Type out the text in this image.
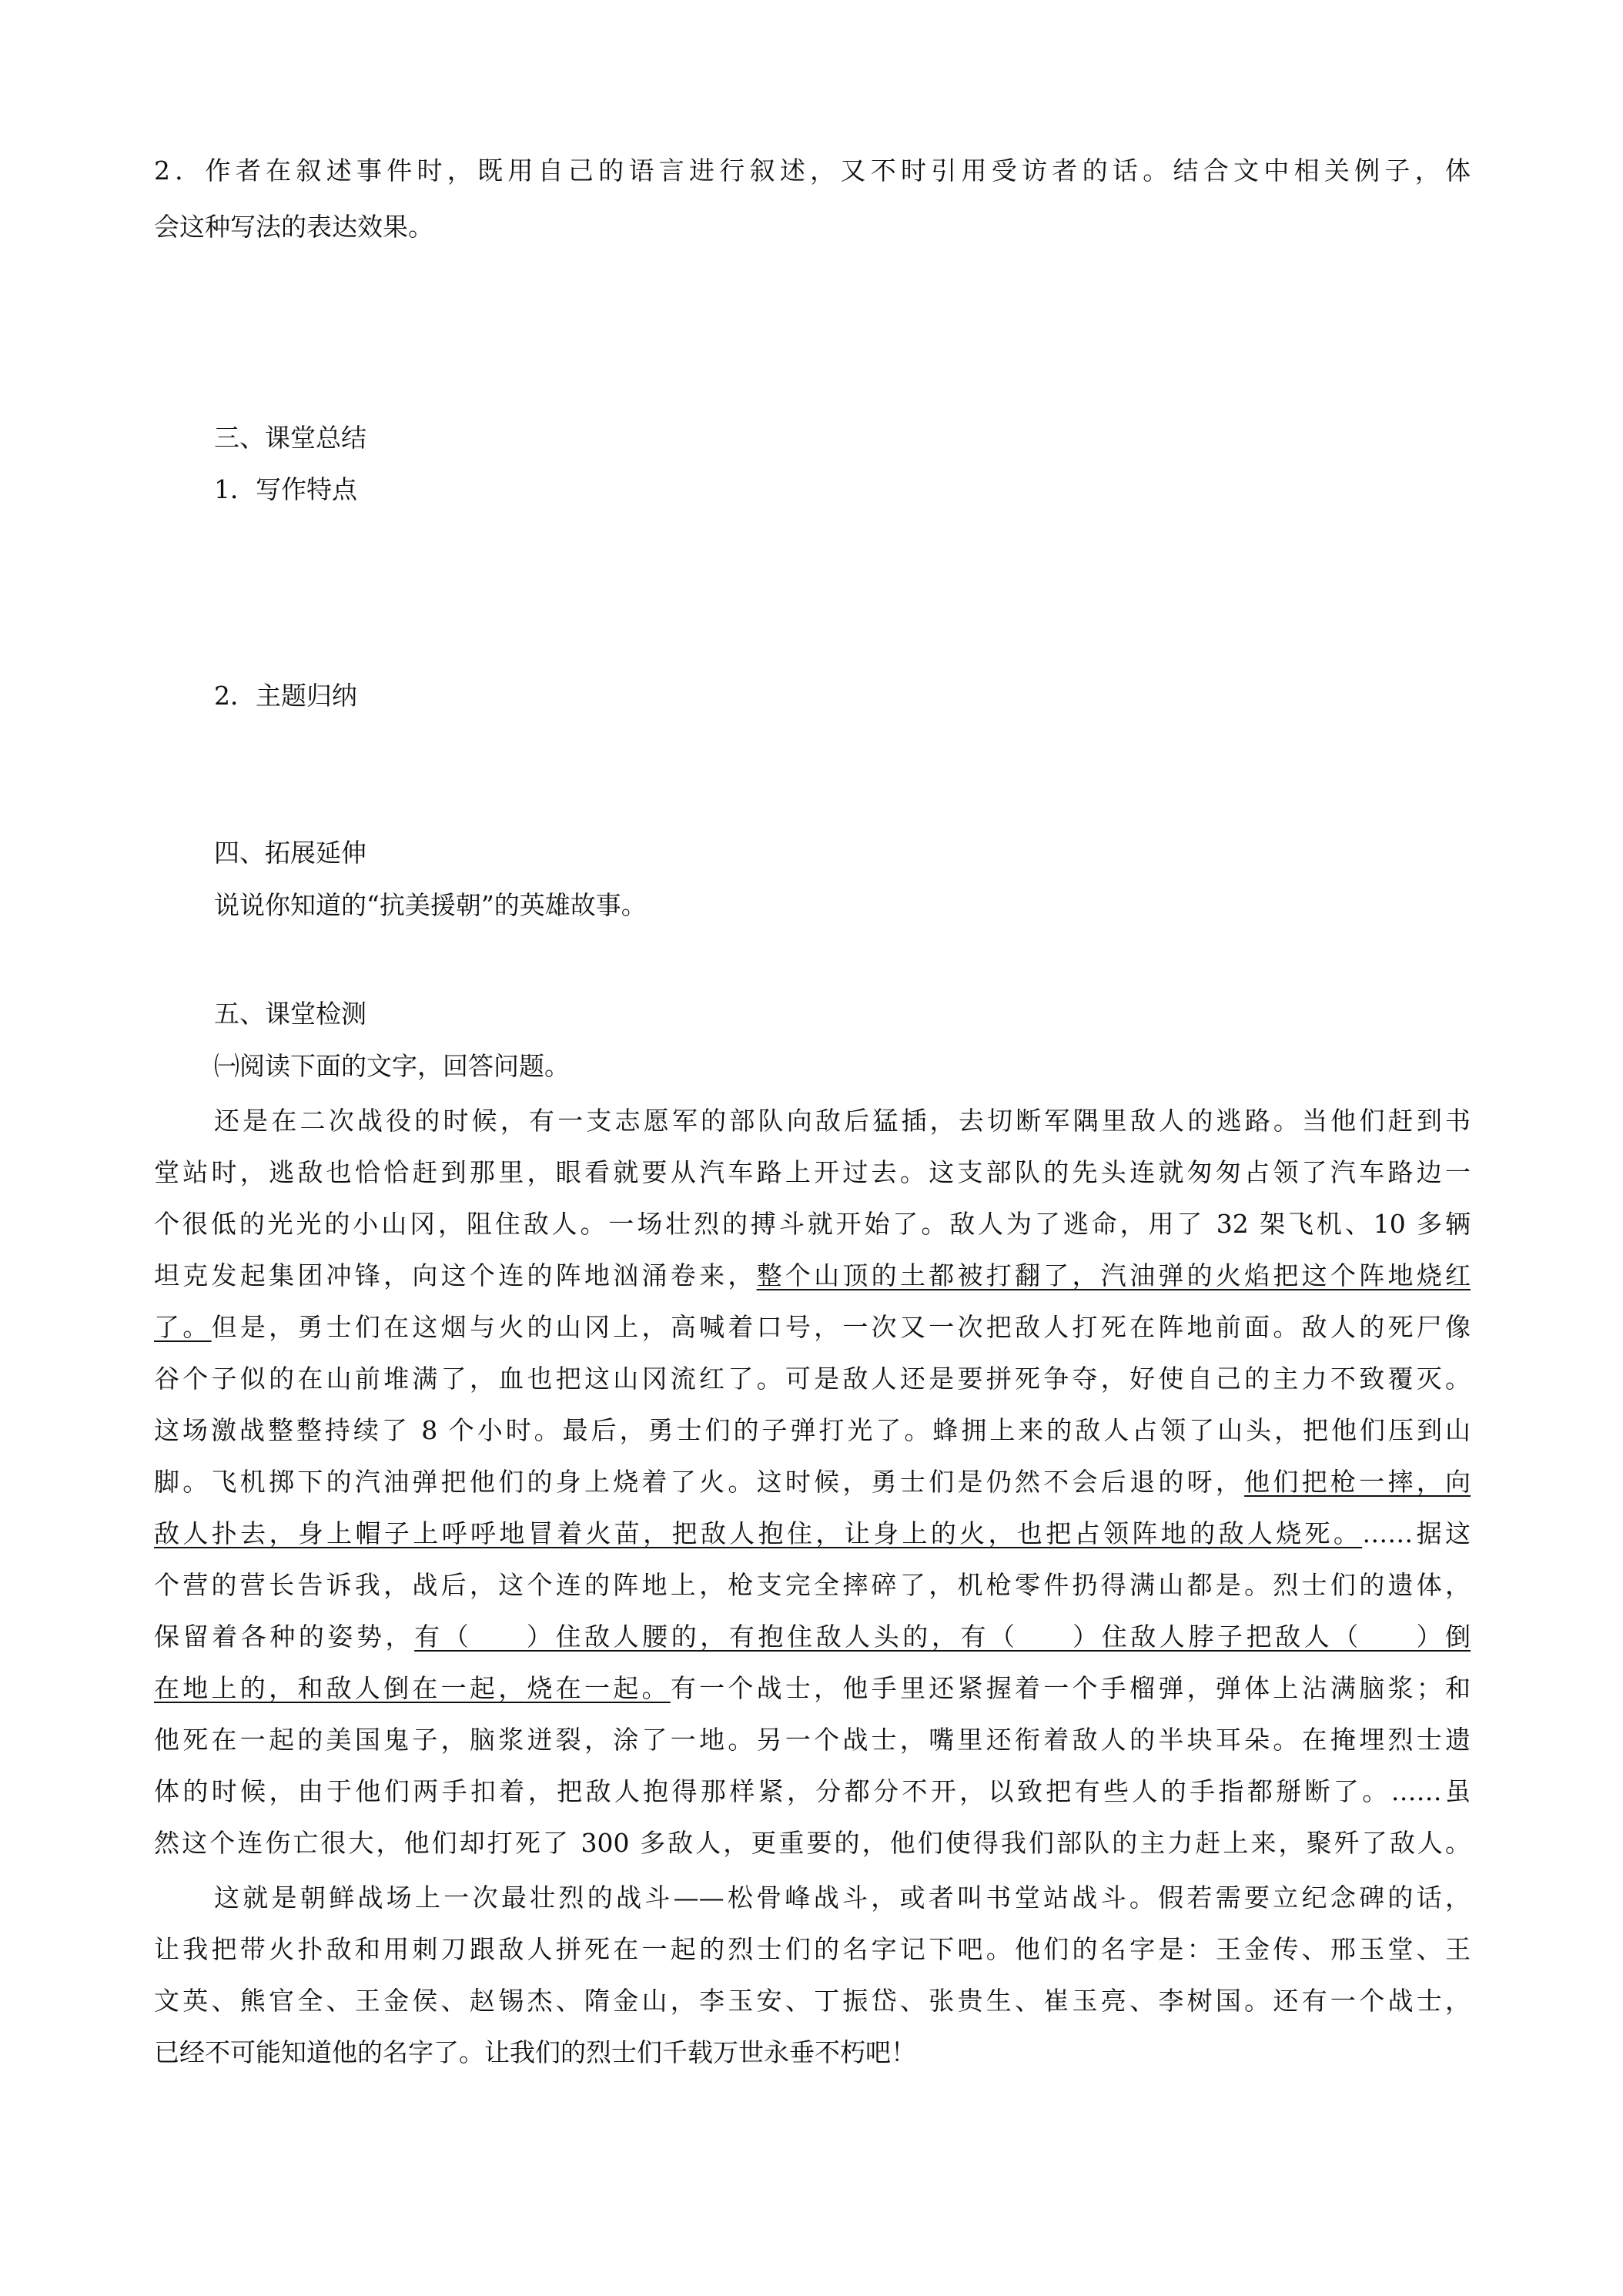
2．作者在叙述事件时，既用自己的语言进行叙述，又不时引用受访者的话。结合文中相关例子，体
会这种写法的表达效果。
三、课堂总结
1．写作特点
2．主题归纳
四、拓展延伸
说说你知道的“抗美援朝”的英雄故事。
五、课堂检测
㈠阅读下面的文字，回答问题。
还是在二次战役的时候，有一支志愿军的部队向敌后猛插，去切断军隅里敌人的逃路。当他们赶到书
堂站时，逃敌也恰恰赶到那里，眼看就要从汽车路上开过去。这支部队的先头连就匆匆占领了汽车路边一
个很低的光光的小山冈，阻住敌人。一场壮烈的搏斗就开始了。敌人为了逃命，用了 32 架飞机、10 多辆
坦克发起集团冲锋，向这个连的阵地汹涌卷来，整个山顶的土都被打翻了，汽油弹的火焰把这个阵地烧红
了。但是，勇士们在这烟与火的山冈上，高喊着口号，一次又一次把敌人打死在阵地前面。敌人的死尸像
谷个子似的在山前堆满了，血也把这山冈流红了。可是敌人还是要拼死争夺，好使自己的主力不致覆灭。
这场激战整整持续了 8 个小时。最后，勇士们的子弹打光了。蜂拥上来的敌人占领了山头，把他们压到山
脚。飞机掷下的汽油弹把他们的身上烧着了火。这时候，勇士们是仍然不会后退的呀，他们把枪一摔，向
敌人扑去，身上帽子上呼呼地冒着火苗，把敌人抱住，让身上的火，也把占领阵地的敌人烧死。……据这
个营的营长告诉我，战后，这个连的阵地上，枪支完全摔碎了，机枪零件扔得满山都是。烈士们的遗体，
保留着各种的姿势，有（____）住敌人腰的，有抱住敌人头的，有（____）住敌人脖子把敌人（____）倒
在地上的，和敌人倒在一起，烧在一起。有一个战士，他手里还紧握着一个手榴弹，弹体上沾满脑浆；和
他死在一起的美国鬼子，脑浆迸裂，涂了一地。另一个战士，嘴里还衔着敌人的半块耳朵。在掩埋烈士遗
体的时候，由于他们两手扣着，把敌人抱得那样紧，分都分不开，以致把有些人的手指都掰断了。……虽
然这个连伤亡很大，他们却打死了 300 多敌人，更重要的，他们使得我们部队的主力赶上来，聚歼了敌人。
这就是朝鲜战场上一次最壮烈的战斗——松骨峰战斗，或者叫书堂站战斗。假若需要立纪念碑的话，
让我把带火扑敌和用刺刀跟敌人拼死在一起的烈士们的名字记下吧。他们的名字是：王金传、邢玉堂、王
文英、熊官全、王金侯、赵锡杰、隋金山，李玉安、丁振岱、张贵生、崔玉亮、李树国。还有一个战士，
已经不可能知道他的名字了。让我们的烈士们千载万世永垂不朽吧！
